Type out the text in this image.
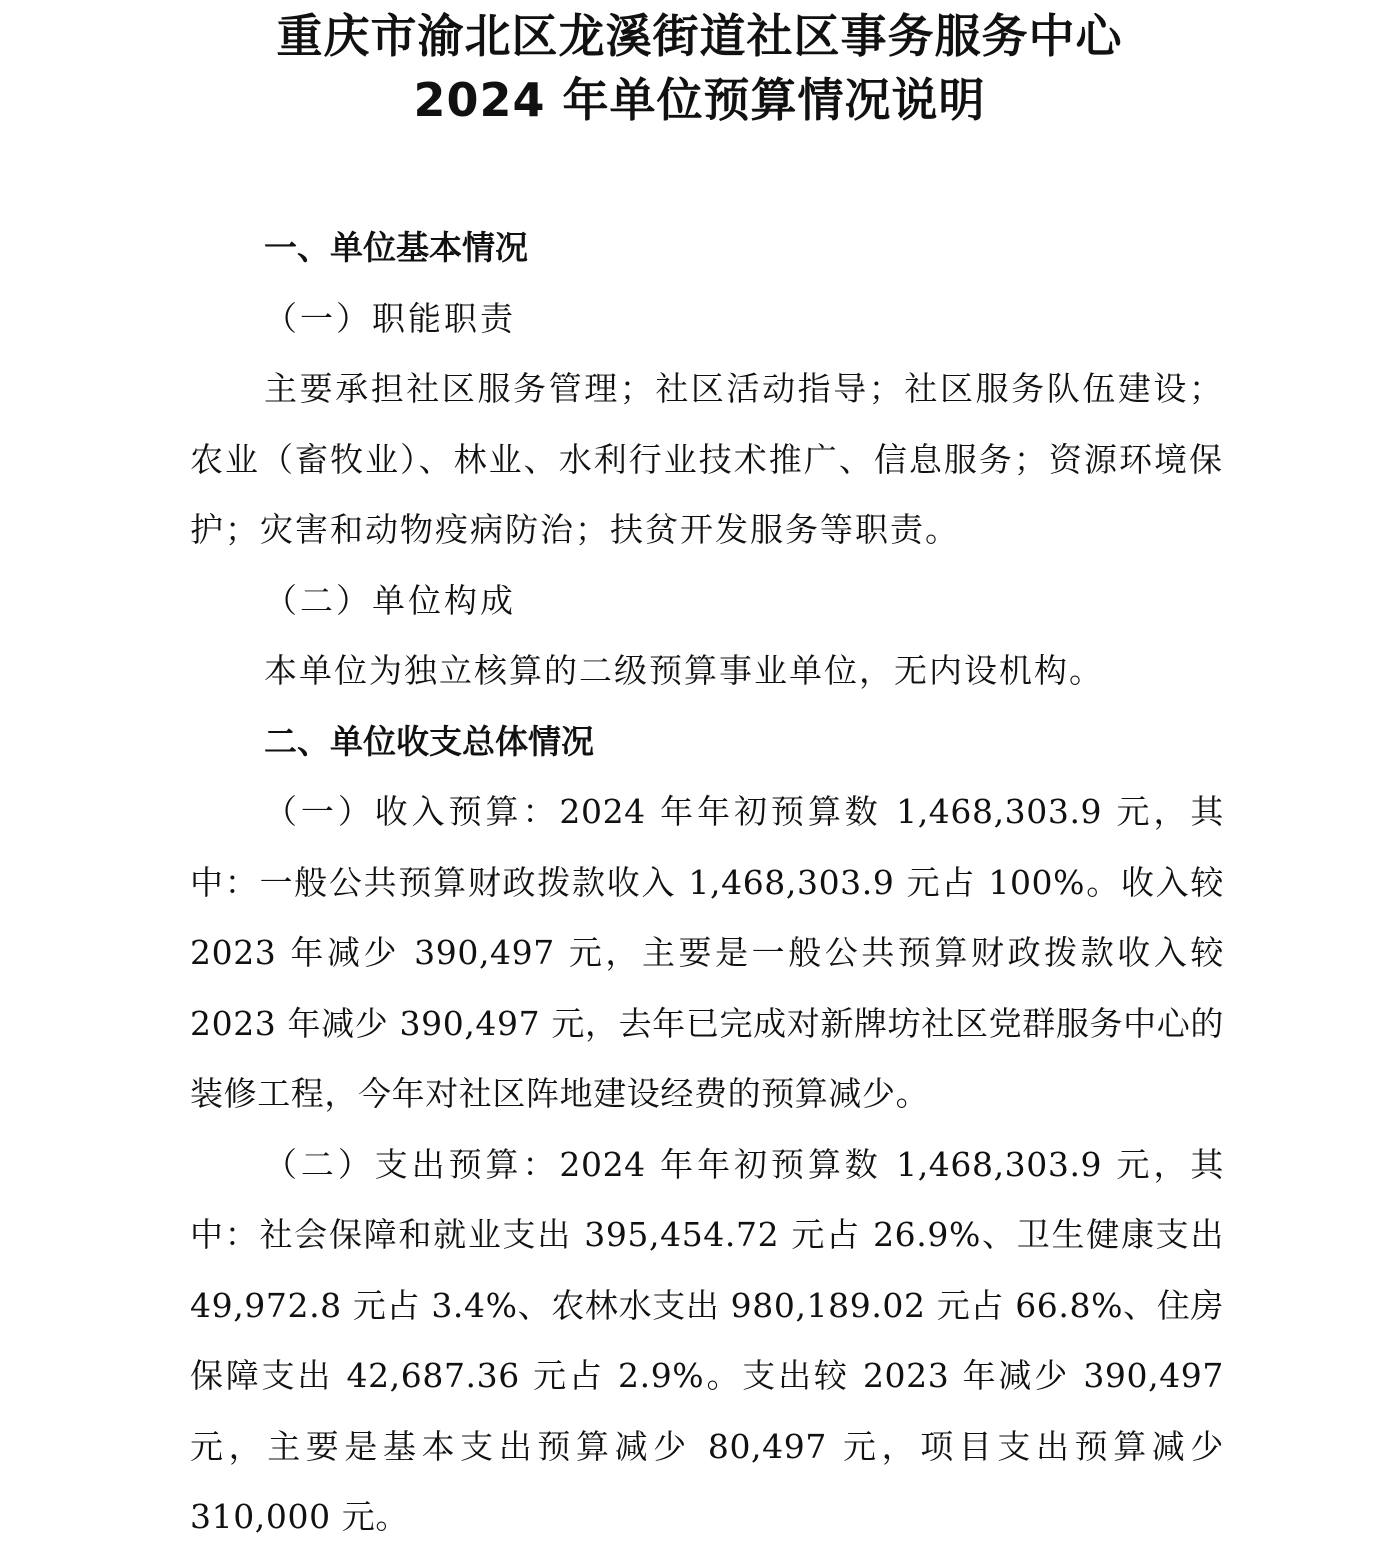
重庆市渝北区龙溪街道社区事务服务中心
2024 年单位预算情况说明

一、单位基本情况

（一）职能职责

主要承担社区服务管理；社区活动指导；社区服务队伍建设；农业（畜牧业）、林业、水利行业技术推广、信息服务；资源环境保护；灾害和动物疫病防治；扶贫开发服务等职责。

（二）单位构成

本单位为独立核算的二级预算事业单位，无内设机构。

二、单位收支总体情况

（一）收入预算：2024 年年初预算数 1,468,303.9 元，其中：一般公共预算财政拨款收入 1,468,303.9 元占 100%。收入较 2023 年减少 390,497 元，主要是一般公共预算财政拨款收入较 2023 年减少 390,497 元，去年已完成对新牌坊社区党群服务中心的装修工程，今年对社区阵地建设经费的预算减少。

（二）支出预算：2024 年年初预算数 1,468,303.9 元，其中：社会保障和就业支出 395,454.72 元占 26.9%、卫生健康支出 49,972.8 元占 3.4%、农林水支出 980,189.02 元占 66.8%、住房保障支出 42,687.36 元占 2.9%。支出较 2023 年减少 390,497 元，主要是基本支出预算减少 80,497 元，项目支出预算减少 310,000 元。
